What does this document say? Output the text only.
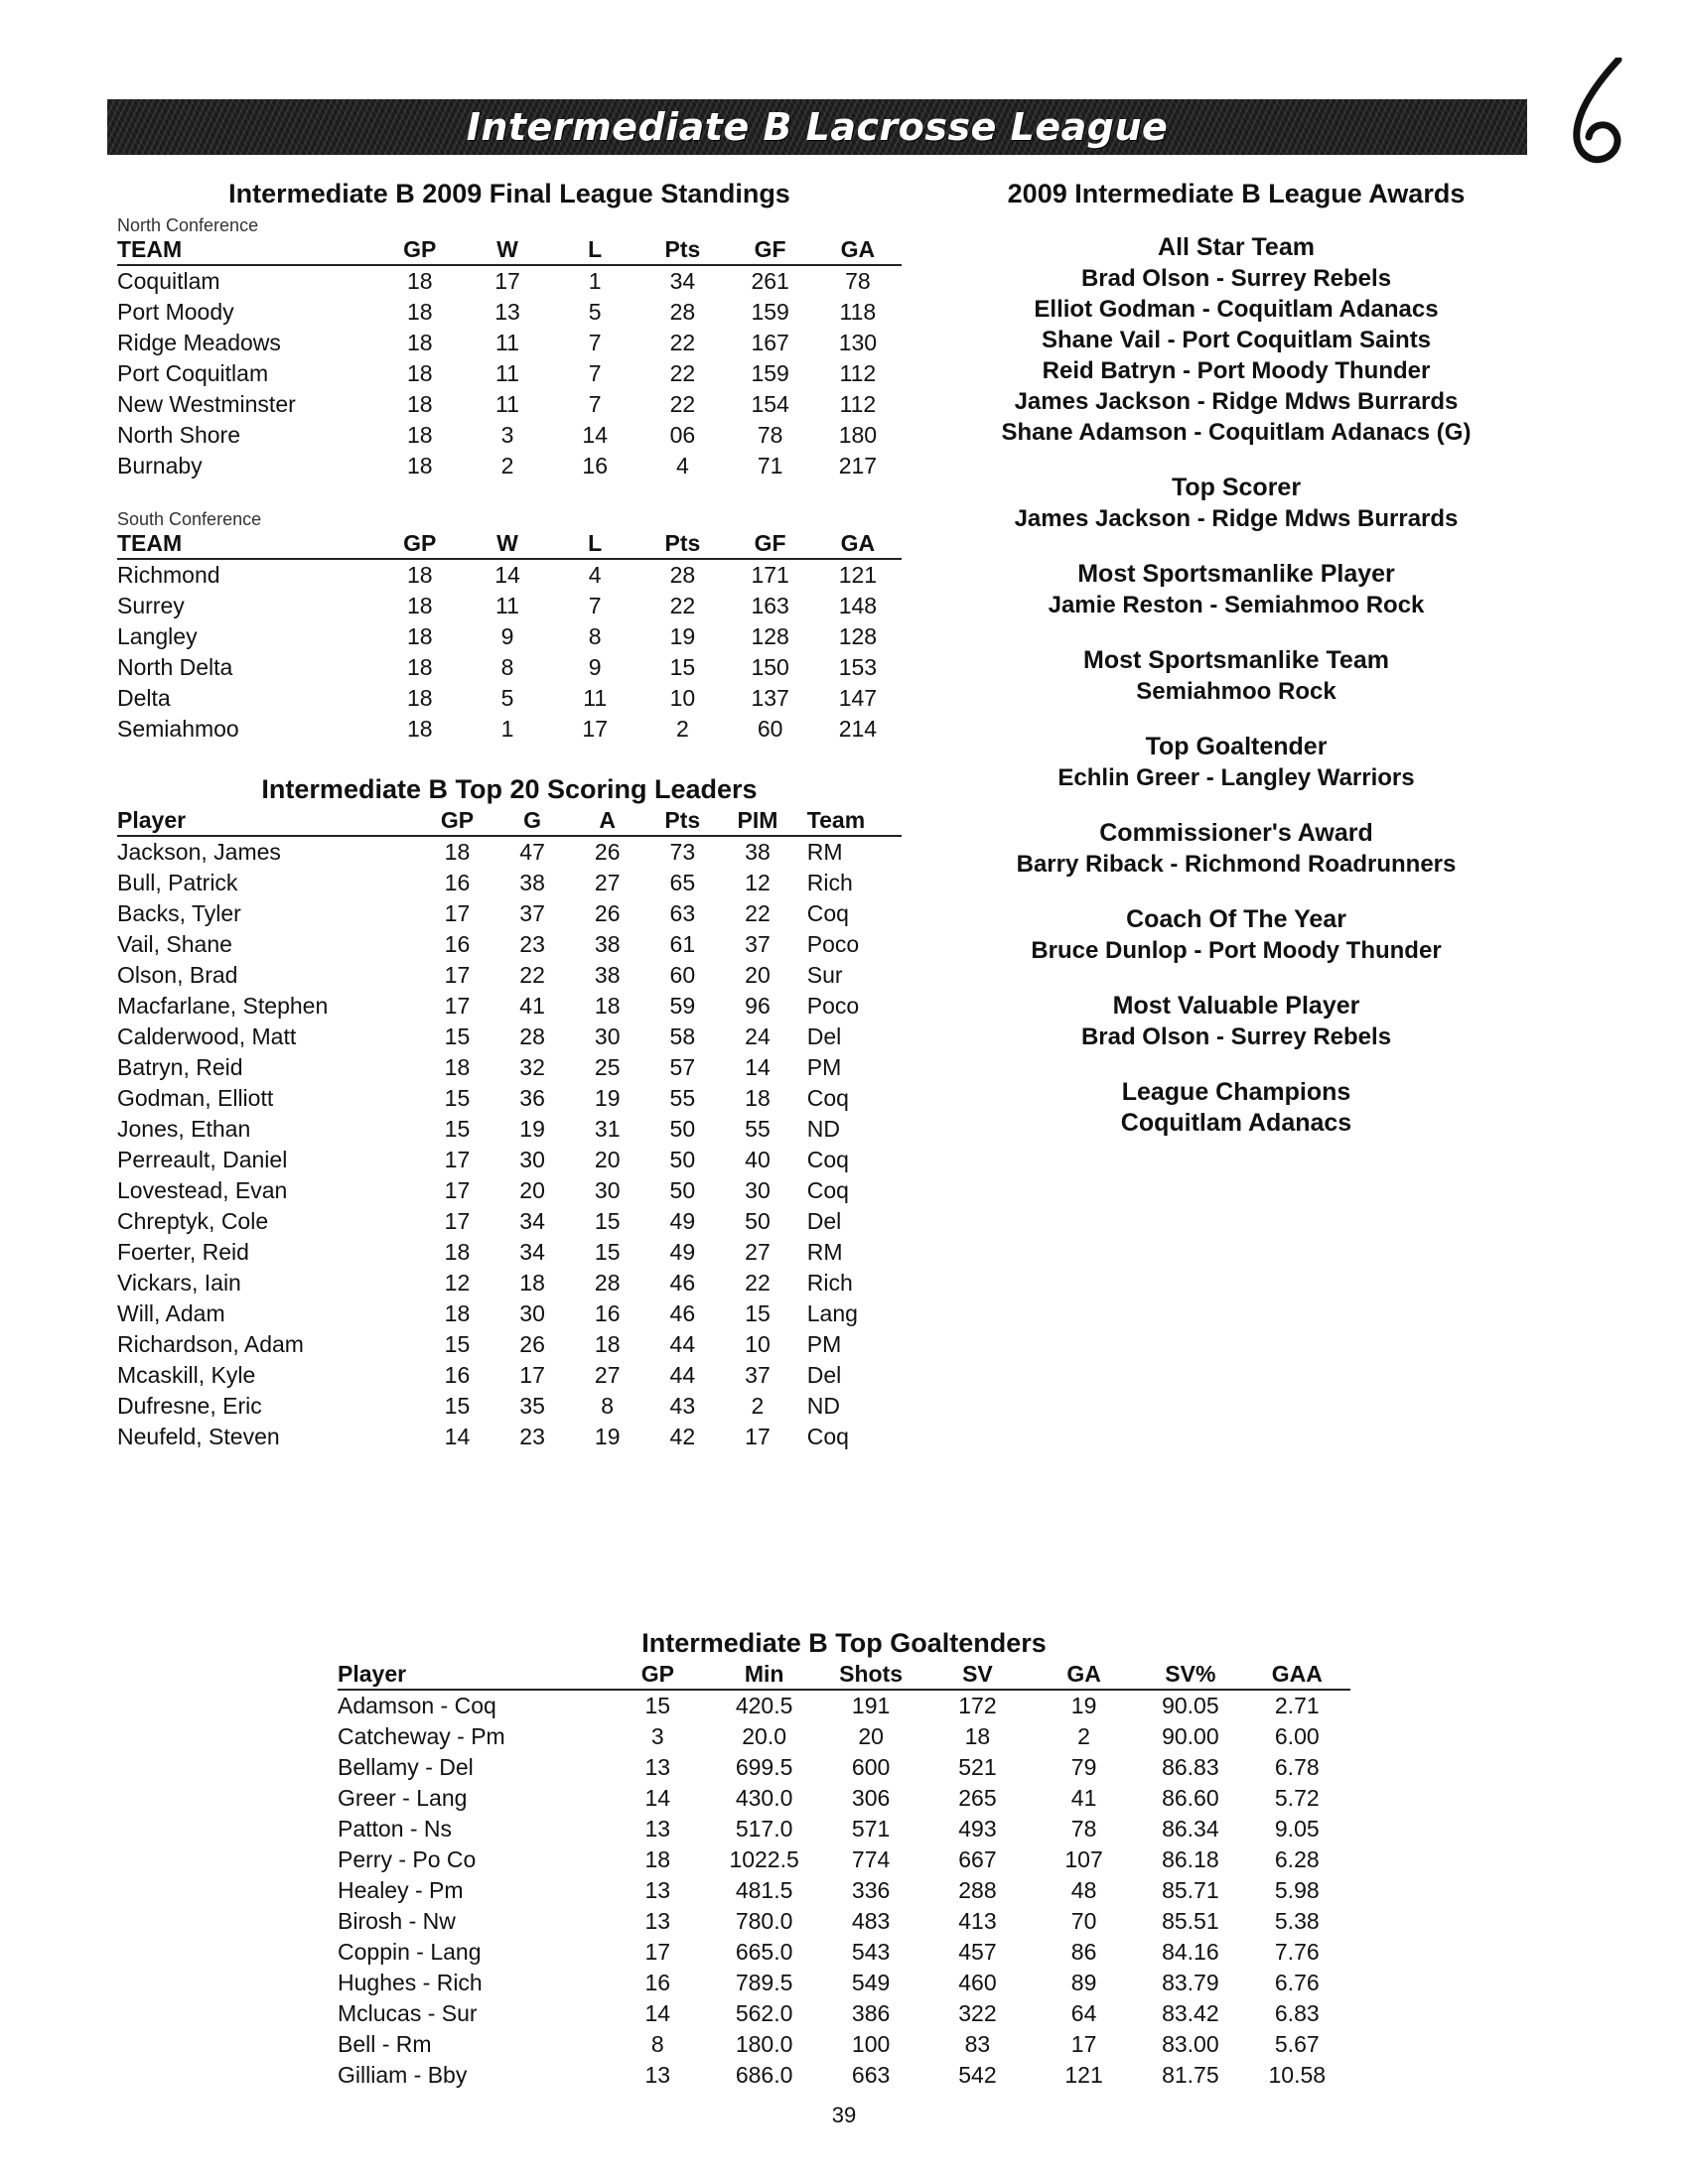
Intermediate B Lacrosse League
Intermediate B 2009 Final League Standings
North Conference
TEAM	GP	W	L	Pts	GF	GA
Coquitlam	18	17	1	34	261	78
Port Moody	18	13	5	28	159	118
Ridge Meadows	18	11	7	22	167	130
Port Coquitlam	18	11	7	22	159	112
New Westminster	18	11	7	22	154	112
North Shore	18	3	14	06	78	180
Burnaby	18	2	16	4	71	217
South Conference
TEAM	GP	W	L	Pts	GF	GA
Richmond	18	14	4	28	171	121
Surrey	18	11	7	22	163	148
Langley	18	9	8	19	128	128
North Delta	18	8	9	15	150	153
Delta	18	5	11	10	137	147
Semiahmoo	18	1	17	2	60	214
Intermediate B Top 20 Scoring Leaders
Player	GP	G	A	Pts	PIM	Team
Jackson, James	18	47	26	73	38	RM
Bull, Patrick	16	38	27	65	12	Rich
Backs, Tyler	17	37	26	63	22	Coq
Vail, Shane	16	23	38	61	37	Poco
Olson, Brad	17	22	38	60	20	Sur
Macfarlane, Stephen	17	41	18	59	96	Poco
Calderwood, Matt	15	28	30	58	24	Del
Batryn, Reid	18	32	25	57	14	PM
Godman, Elliott	15	36	19	55	18	Coq
Jones, Ethan	15	19	31	50	55	ND
Perreault, Daniel	17	30	20	50	40	Coq
Lovestead, Evan	17	20	30	50	30	Coq
Chreptyk, Cole	17	34	15	49	50	Del
Foerter, Reid	18	34	15	49	27	RM
Vickars, Iain	12	18	28	46	22	Rich
Will, Adam	18	30	16	46	15	Lang
Richardson, Adam	15	26	18	44	10	PM
Mcaskill, Kyle	16	17	27	44	37	Del
Dufresne, Eric	15	35	8	43	2	ND
Neufeld, Steven	14	23	19	42	17	Coq
2009 Intermediate B League Awards
All Star Team
Brad Olson - Surrey Rebels
Elliot Godman - Coquitlam Adanacs
Shane Vail - Port Coquitlam Saints
Reid Batryn - Port Moody Thunder
James Jackson - Ridge Mdws Burrards
Shane Adamson - Coquitlam Adanacs (G)
Top Scorer
James Jackson - Ridge Mdws Burrards
Most Sportsmanlike Player
Jamie Reston - Semiahmoo Rock
Most Sportsmanlike Team
Semiahmoo Rock
Top Goaltender
Echlin Greer - Langley Warriors
Commissioner's Award
Barry Riback - Richmond Roadrunners
Coach Of The Year
Bruce Dunlop - Port Moody Thunder
Most Valuable Player
Brad Olson - Surrey Rebels
League Champions
Coquitlam Adanacs
Intermediate B Top Goaltenders
Player	GP	Min	Shots	SV	GA	SV%	GAA
Adamson - Coq	15	420.5	191	172	19	90.05	2.71
Catcheway - Pm	3	20.0	20	18	2	90.00	6.00
Bellamy - Del	13	699.5	600	521	79	86.83	6.78
Greer - Lang	14	430.0	306	265	41	86.60	5.72
Patton - Ns	13	517.0	571	493	78	86.34	9.05
Perry - Po Co	18	1022.5	774	667	107	86.18	6.28
Healey - Pm	13	481.5	336	288	48	85.71	5.98
Birosh - Nw	13	780.0	483	413	70	85.51	5.38
Coppin - Lang	17	665.0	543	457	86	84.16	7.76
Hughes - Rich	16	789.5	549	460	89	83.79	6.76
Mclucas - Sur	14	562.0	386	322	64	83.42	6.83
Bell - Rm	8	180.0	100	83	17	83.00	5.67
Gilliam - Bby	13	686.0	663	542	121	81.75	10.58
39
